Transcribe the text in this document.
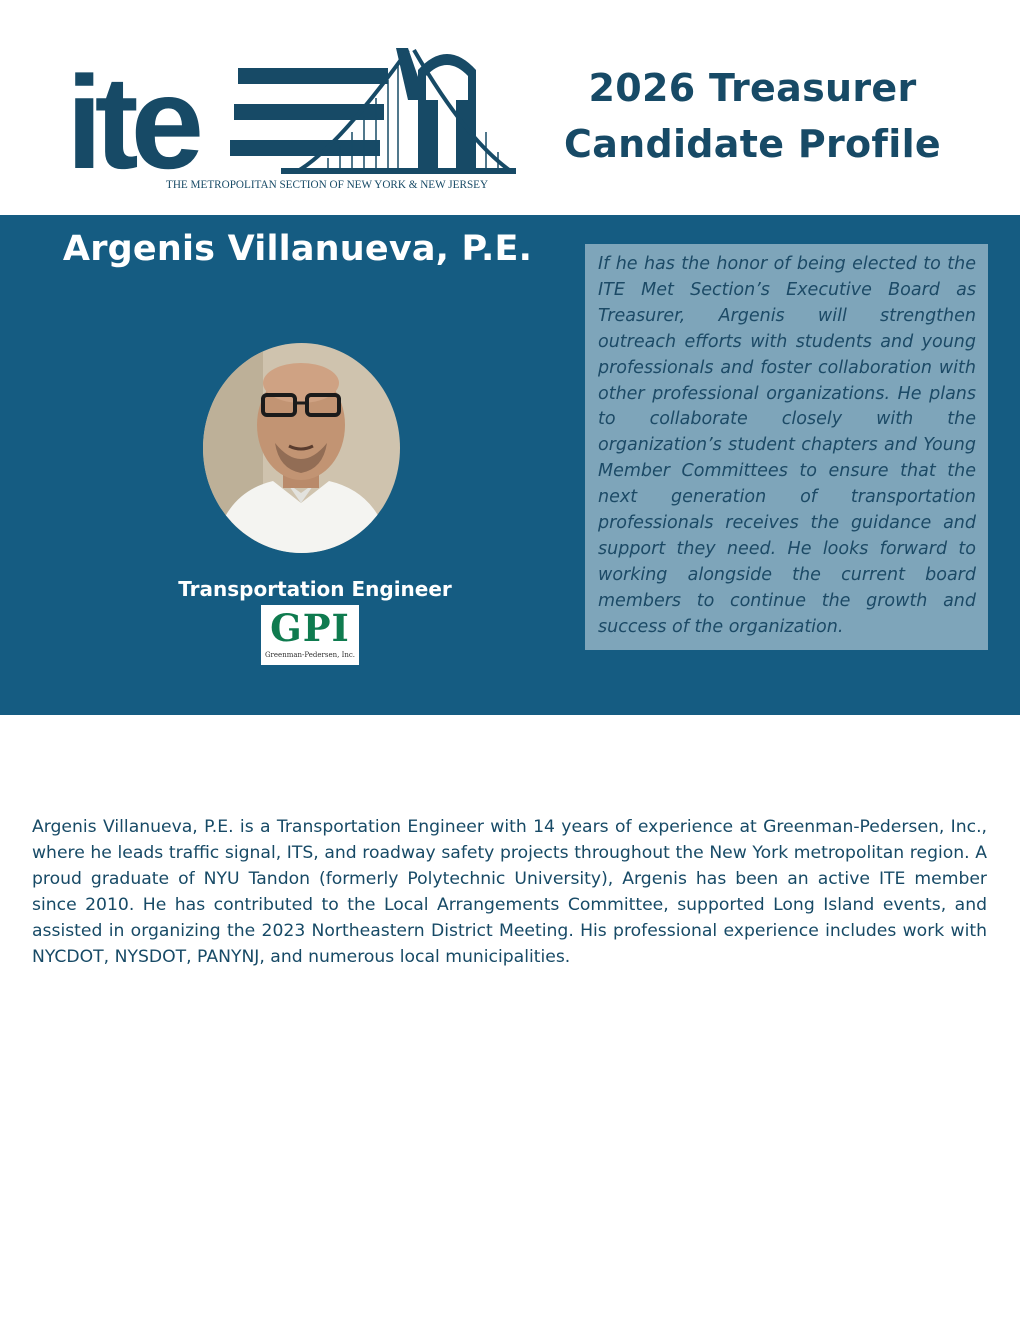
ite
THE METROPOLITAN SECTION OF NEW YORK & NEW JERSEY
2026 Treasurer
Candidate Profile
Argenis Villanueva, P.E.
Transportation Engineer
GPI
Greenman-Pedersen, Inc.

If he has the honor of being elected to the ITE Met Section’s Executive Board as Treasurer, Argenis will strengthen outreach efforts with students and young professionals and foster collaboration with other professional organizations. He plans to collaborate closely with the organization’s student chapters and Young Member Committees to ensure that the next generation of transportation professionals receives the guidance and support they need. He looks forward to working alongside the current board members to continue the growth and success of the organization.

Argenis Villanueva, P.E. is a Transportation Engineer with 14 years of experience at Greenman-Pedersen, Inc., where he leads traffic signal, ITS, and roadway safety projects throughout the New York metropolitan region. A proud graduate of NYU Tandon (formerly Polytechnic University), Argenis has been an active ITE member since 2010. He has contributed to the Local Arrangements Committee, supported Long Island events, and assisted in organizing the 2023 Northeastern District Meeting. His professional experience includes work with NYCDOT, NYSDOT, PANYNJ, and numerous local municipalities.
